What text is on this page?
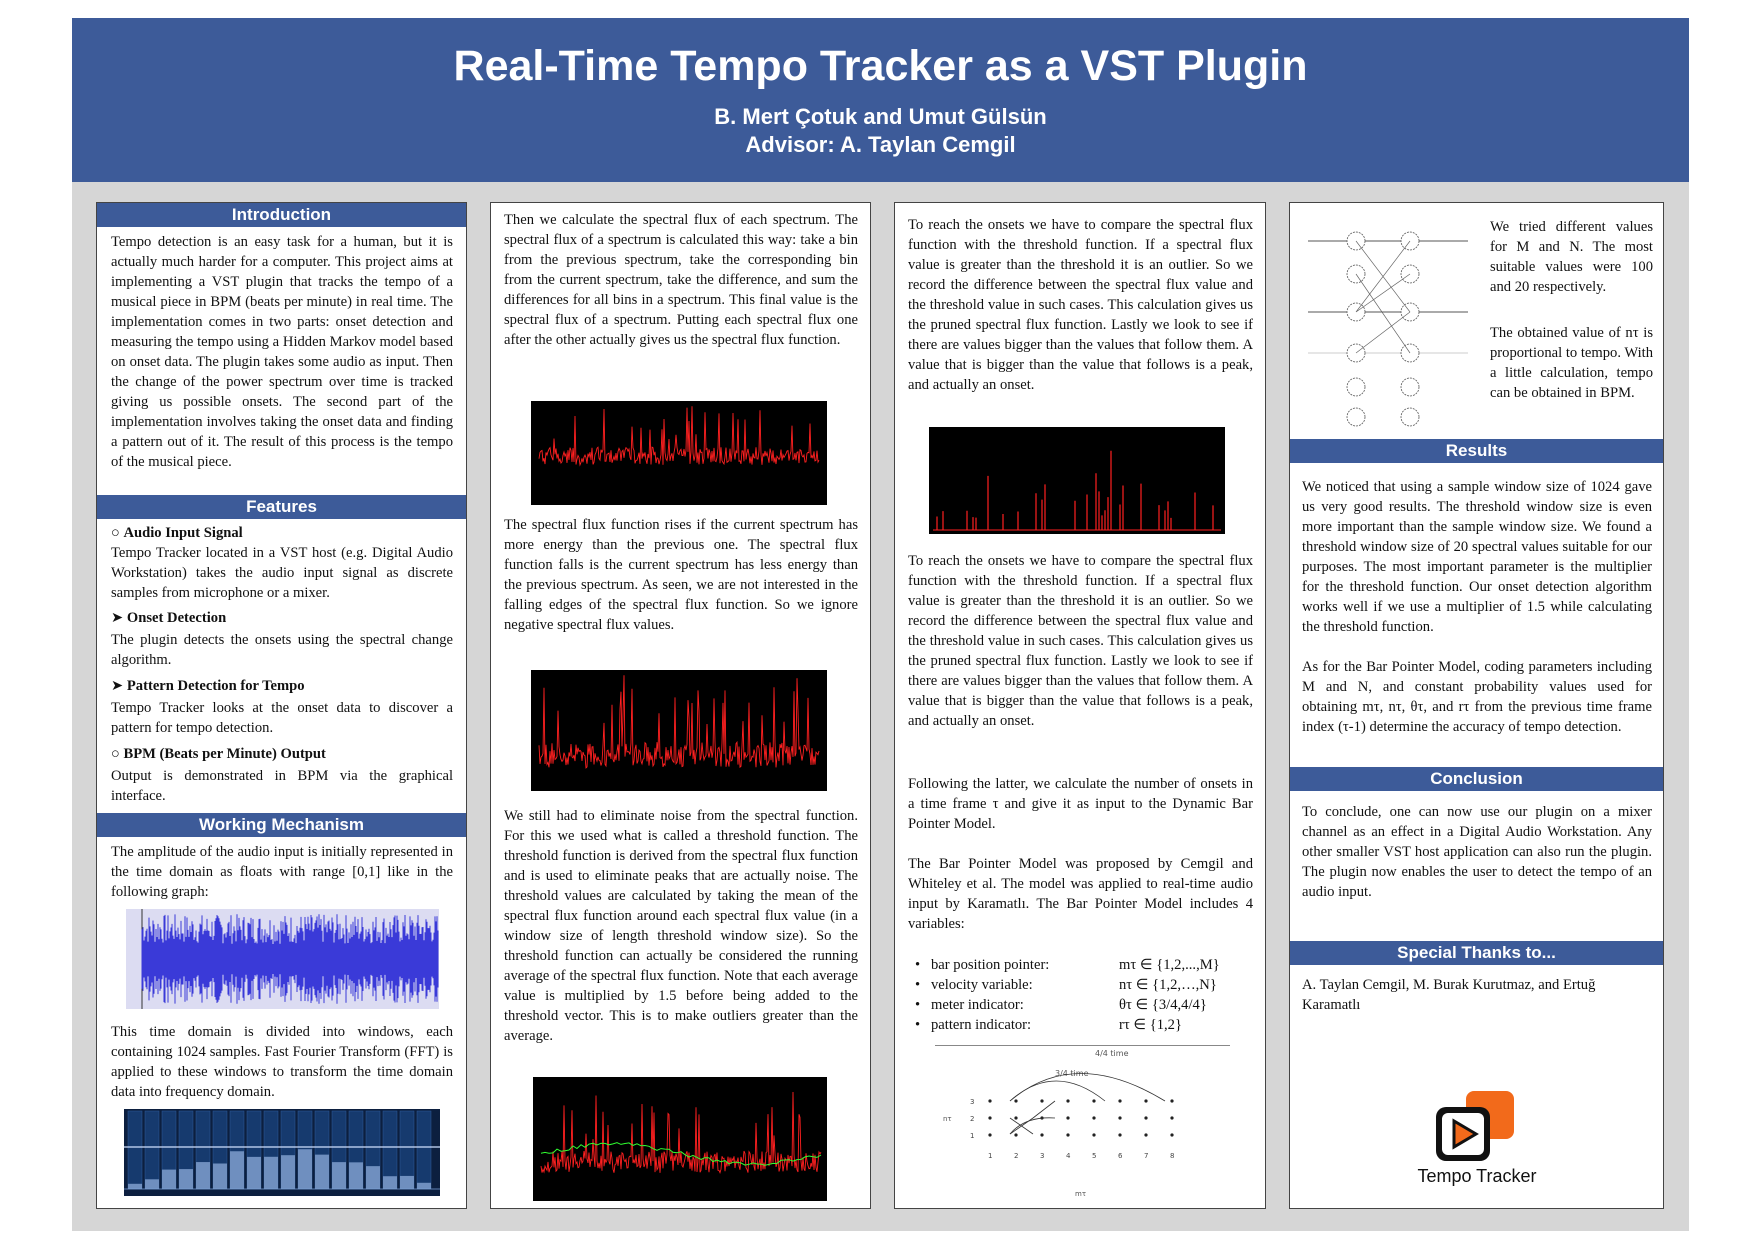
Real-Time Tempo Tracker as a VST Plugin
B. Mert Çotuk and Umut Gülsün
Advisor: A. Taylan Cemgil
Introduction
Tempo detection is an easy task for a human, but it is actually much harder for a computer. This project aims at implementing a VST plugin that tracks the tempo of a musical piece in BPM (beats per minute) in real time. The implementation comes in two parts: onset detection and measuring the tempo using a Hidden Markov model based on onset data. The plugin takes some audio as input. Then the change of the power spectrum over time is tracked giving us possible onsets. The second part of the implementation involves taking the onset data and finding a pattern out of it. The result of this process is the tempo of the musical piece.
Features
○ Audio Input Signal
Tempo Tracker located in a VST host (e.g. Digital Audio Workstation) takes the audio input signal as discrete samples from microphone or a mixer.
➤ Onset Detection
The plugin detects the onsets using the spectral change algorithm.
➤ Pattern Detection for Tempo
Tempo Tracker looks at the onset data to discover a pattern for tempo detection.
○ BPM (Beats per Minute) Output
Output is demonstrated in BPM via the graphical interface.
Working Mechanism
The amplitude of the audio input is initially represented in the time domain as floats with range [0,1] like in the following graph:
This time domain is divided into windows, each containing 1024 samples. Fast Fourier Transform (FFT) is applied to these windows to transform the time domain data into frequency domain.
Then we calculate the spectral flux of each spectrum. The spectral flux of a spectrum is calculated this way: take a bin from the previous spectrum, take the corresponding bin from the current spectrum, take the difference, and sum the differences for all bins in a spectrum. This final value is the spectral flux of a spectrum. Putting each spectral flux one after the other actually gives us the spectral flux function.
The spectral flux function rises if the current spectrum has more energy than the previous one. The spectral flux function falls is the current spectrum has less energy than the previous spectrum. As seen, we are not interested in the falling edges of the spectral flux function. So we ignore negative spectral flux values.
We still had to eliminate noise from the spectral function. For this we used what is called a threshold function. The threshold function is derived from the spectral flux function and is used to eliminate peaks that are actually noise. The threshold values are calculated by taking the mean of the spectral flux function around each spectral flux value (in a window size of length threshold window size). So the threshold function can actually be considered the running average of the spectral flux function. Note that each average value is multiplied by 1.5 before being added to the threshold vector. This is to make outliers greater than the average.
To reach the onsets we have to compare the spectral flux function with the threshold function. If a spectral flux value is greater than the threshold it is an outlier. So we record the difference between the spectral flux value and the threshold value in such cases. This calculation gives us the pruned spectral flux function. Lastly we look to see if there are values bigger than the values that follow them. A value that is bigger than the value that follows is a peak, and actually an onset.
To reach the onsets we have to compare the spectral flux function with the threshold function. If a spectral flux value is greater than the threshold it is an outlier. So we record the difference between the spectral flux value and the threshold value in such cases. This calculation gives us the pruned spectral flux function. Lastly we look to see if there are values bigger than the values that follow them. A value that is bigger than the value that follows is a peak, and actually an onset.
Following the latter, we calculate the number of onsets in a time frame τ and give it as input to the Dynamic Bar Pointer Model.
The Bar Pointer Model was proposed by Cemgil and Whiteley et al. The model was applied to real-time audio input by Karamatlı. The Bar Pointer Model includes 4 variables:
• bar position pointer:	mτ ∈ {1,2,...,M}
• velocity variable:	nτ ∈ {1,2,…,N}
• meter indicator:	θτ ∈ {3/4,4/4}
• pattern indicator:	rτ ∈ {1,2}
4/4 time
3/4 time
nτ
mτ
3
2
1
1	2	3	4	5	6	7	8
We tried different values for M and N. The most suitable values were 100 and 20 respectively.
The obtained value of nτ is proportional to tempo. With a little calculation, tempo can be obtained in BPM.
Results
We noticed that using a sample window size of 1024 gave us very good results. The threshold window size is even more important than the sample window size. We found a threshold window size of 20 spectral values suitable for our purposes. The most important parameter is the multiplier for the threshold function. Our onset detection algorithm works well if we use a multiplier of 1.5 while calculating the threshold function.
As for the Bar Pointer Model, coding parameters including M and N, and constant probability values used for obtaining mτ, nτ, θτ, and rτ from the previous time frame index (τ-1) determine the accuracy of tempo detection.
Conclusion
To conclude, one can now use our plugin on a mixer channel as an effect in a Digital Audio Workstation. Any other smaller VST host application can also run the plugin. The plugin now enables the user to detect the tempo of an audio input.
Special Thanks to...
A. Taylan Cemgil, M. Burak Kurutmaz, and Ertuğ Karamatlı
Tempo Tracker
